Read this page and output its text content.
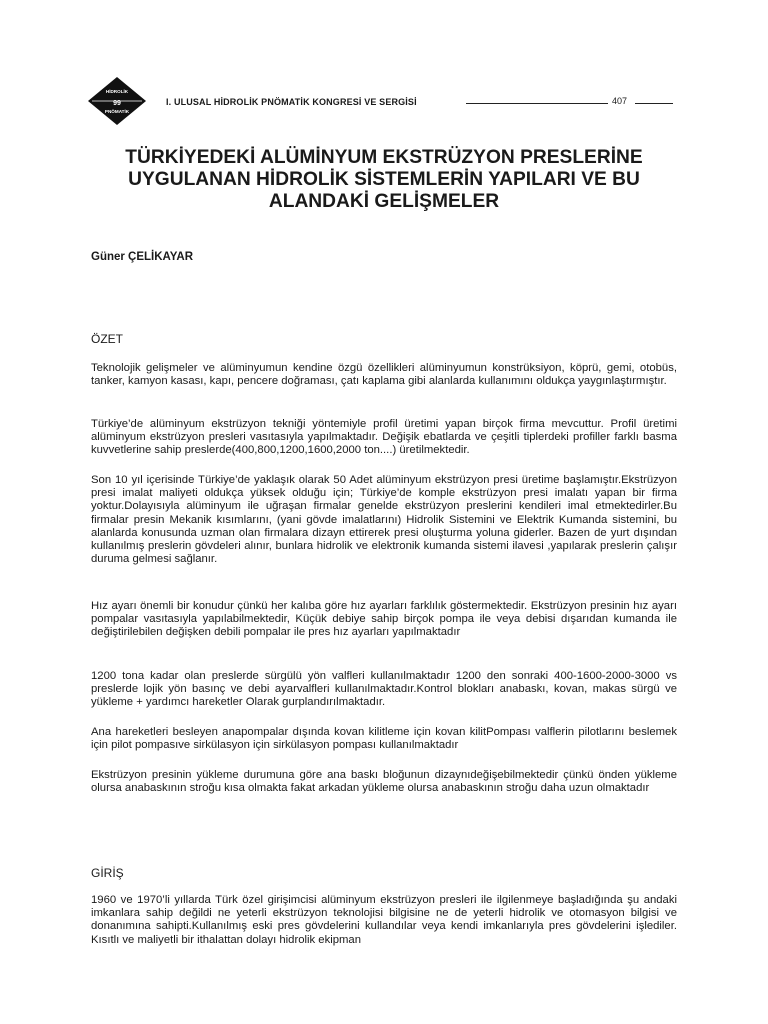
HİDROLİK
99
PNÖMATİK
I. ULUSAL HİDROLİK PNÖMATİK KONGRESİ VE SERGİSİ	407
TÜRKİYEDEKİ ALÜMİNYUM EKSTRÜZYON PRESLERİNE
UYGULANAN HİDROLİK SİSTEMLERİN YAPILARI VE BU
ALANDAKİ GELİŞMELER
Güner ÇELİKAYAR
ÖZET

Teknolojik gelişmeler ve alüminyumun kendine özgü özellikleri alüminyumun konstrüksiyon, köprü, gemi, otobüs, tanker, kamyon kasası, kapı, pencere doğraması, çatı kaplama gibi alanlarda kullanımını oldukça yaygınlaştırmıştır.

Türkiye’de alüminyum ekstrüzyon tekniği yöntemiyle profil üretimi yapan birçok firma mevcuttur. Profil üretimi alüminyum ekstrüzyon presleri vasıtasıyla yapılmaktadır. Değişik ebatlarda ve çeşitli tiplerdeki profiller farklı basma kuvvetlerine sahip preslerde(400,800,1200,1600,2000 ton....) üretilmektedir.

Son 10 yıl içerisinde Türkiye’de yaklaşık olarak 50 Adet alüminyum ekstrüzyon presi üretime başlamıştır.Ekstrüzyon presi imalat maliyeti oldukça yüksek olduğu için; Türkiye’de komple ekstrüzyon presi imalatı yapan bir firma yoktur.Dolayısıyla alüminyum ile uğraşan firmalar genelde ekstrüzyon preslerini kendileri imal etmektedirler.Bu firmalar presin Mekanik kısımlarını, (yani gövde imalatlarını) Hidrolik Sistemini ve Elektrik Kumanda sistemini, bu alanlarda konusunda uzman olan firmalara dizayn ettirerek presi oluşturma yoluna giderler. Bazen de yurt dışından kullanılmış preslerin gövdeleri alınır, bunlara hidrolik ve elektronik kumanda sistemi ilavesi ,yapılarak preslerin çalışır duruma gelmesi sağlanır.

Hız ayarı önemli bir konudur çünkü her kalıba göre hız ayarları farklılık göstermektedir. Ekstrüzyon presinin hız ayarı pompalar vasıtasıyla yapılabilmektedir, Küçük debiye sahip birçok pompa ile veya debisi dışarıdan kumanda ile değiştirilebilen değişken debili pompalar ile pres hız ayarları yapılmaktadır

1200 tona kadar olan preslerde sürgülü yön valfleri kullanılmaktadır 1200 den sonraki 400-1600-2000-3000 vs preslerde lojik yön basınç ve debi ayarvalfleri kullanılmaktadır.Kontrol blokları anabaskı, kovan, makas sürgü ve yükleme + yardımcı hareketler Olarak gurplandırılmaktadır.

Ana hareketleri besleyen anapompalar dışında kovan kilitleme için kovan kilitPompası valflerin pilotlarını beslemek için pilot pompasıve sirkülasyon için sirkülasyon pompası kullanılmaktadır

Ekstrüzyon presinin yükleme durumuna göre ana baskı bloğunun dizaynıdeğişebilmektedir çünkü önden yükleme olursa anabaskının stroğu kısa olmakta fakat arkadan yükleme olursa anabaskının stroğu daha uzun olmaktadır

GİRİŞ

1960 ve 1970’li yıllarda Türk özel girişimcisi alüminyum ekstrüzyon presleri ile ilgilenmeye başladığında şu andaki imkanlara sahip değildi ne yeterli ekstrüzyon teknolojisi bilgisine ne de yeterli hidrolik ve otomasyon bilgisi ve donanımına sahipti.Kullanılmış eski pres gövdelerini kullandılar veya kendi imkanlarıyla pres gövdelerini işlediler. Kısıtlı ve maliyetli bir ithalattan dolayı hidrolik ekipman
